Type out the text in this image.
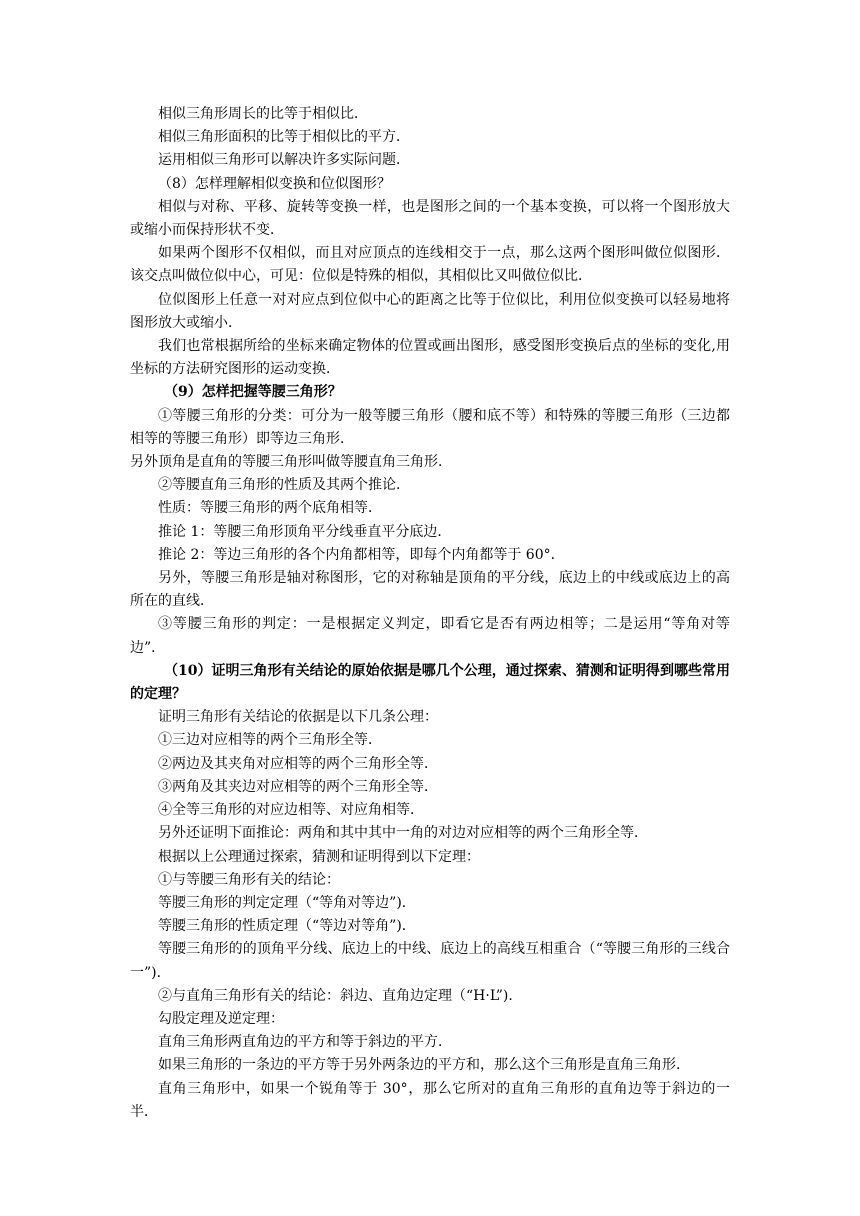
相似三角形周长的比等于相似比．

相似三角形面积的比等于相似比的平方．

运用相似三角形可以解决许多实际问题．

（8）怎样理解相似变换和位似图形？

相似与对称、平移、旋转等变换一样，也是图形之间的一个基本变换，可以将一个图形放大或缩小而保持形状不变．

如果两个图形不仅相似，而且对应顶点的连线相交于一点，那么这两个图形叫做位似图形．该交点叫做位似中心，可见：位似是特殊的相似，其相似比又叫做位似比．

位似图形上任意一对对应点到位似中心的距离之比等于位似比，利用位似变换可以轻易地将图形放大或缩小．

我们也常根据所给的坐标来确定物体的位置或画出图形，感受图形变换后点的坐标的变化,用坐标的方法研究图形的运动变换．

（9）怎样把握等腰三角形？

①等腰三角形的分类：可分为一般等腰三角形（腰和底不等）和特殊的等腰三角形（三边都相等的等腰三角形）即等边三角形．

另外顶角是直角的等腰三角形叫做等腰直角三角形．

②等腰直角三角形的性质及其两个推论．

性质：等腰三角形的两个底角相等．

推论 1：等腰三角形顶角平分线垂直平分底边．

推论 2：等边三角形的各个内角都相等，即每个内角都等于 60°．

另外，等腰三角形是轴对称图形，它的对称轴是顶角的平分线，底边上的中线或底边上的高所在的直线．

③等腰三角形的判定：一是根据定义判定，即看它是否有两边相等；二是运用“等角对等边”．

（10）证明三角形有关结论的原始依据是哪几个公理，通过探索、猜测和证明得到哪些常用的定理？

证明三角形有关结论的依据是以下几条公理：

①三边对应相等的两个三角形全等．

②两边及其夹角对应相等的两个三角形全等．

③两角及其夹边对应相等的两个三角形全等．

④全等三角形的对应边相等、对应角相等．

另外还证明下面推论：两角和其中其中一角的对边对应相等的两个三角形全等．

根据以上公理通过探索，猜测和证明得到以下定理：

①与等腰三角形有关的结论：

等腰三角形的判定定理（“等角对等边”)．

等腰三角形的性质定理（“等边对等角”)．

等腰三角形的的顶角平分线、底边上的中线、底边上的高线互相重合（“等腰三角形的三线合一”)．

②与直角三角形有关的结论：斜边、直角边定理（“H·L”)．

勾股定理及逆定理：

直角三角形两直角边的平方和等于斜边的平方．

如果三角形的一条边的平方等于另外两条边的平方和，那么这个三角形是直角三角形．

直角三角形中，如果一个锐角等于 30°，那么它所对的直角三角形的直角边等于斜边的一半．
